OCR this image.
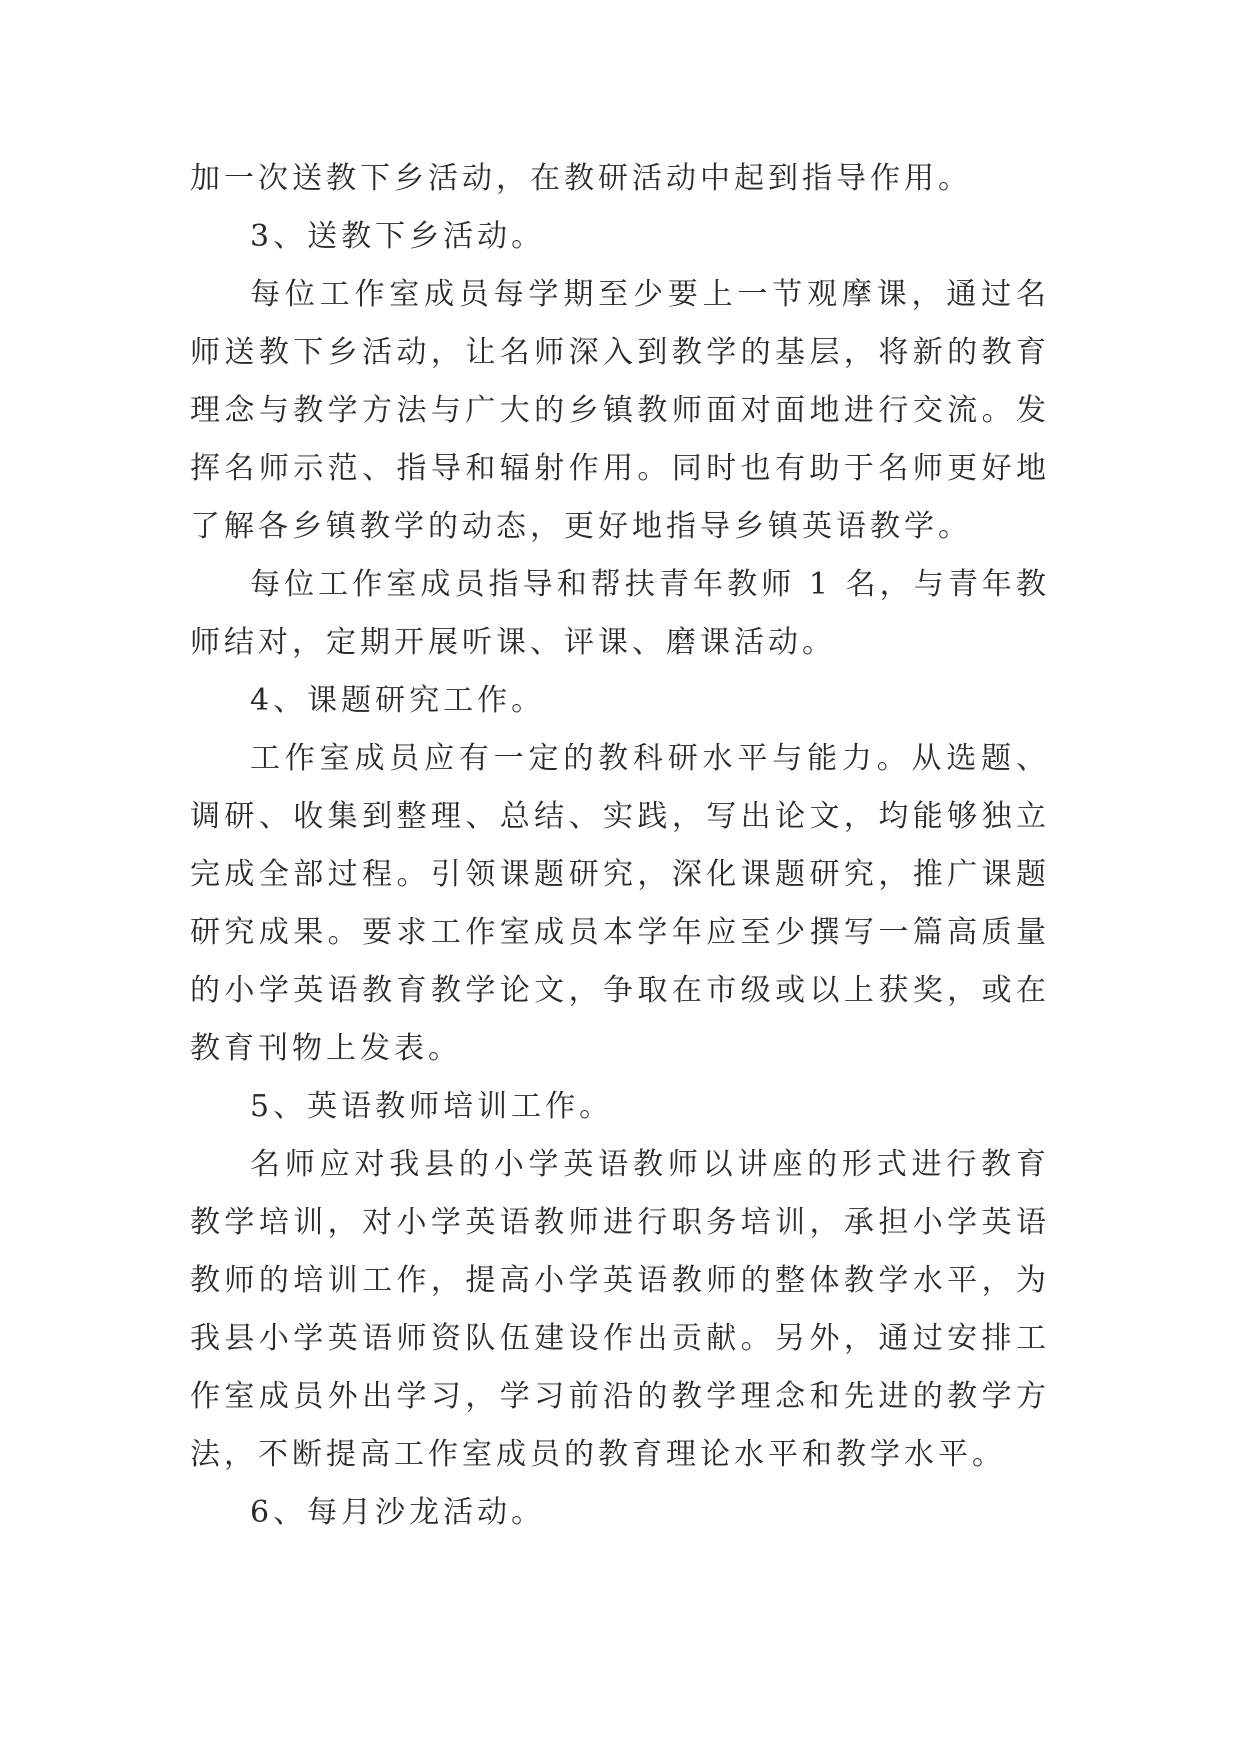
加一次送教下乡活动，在教研活动中起到指导作用。

3、送教下乡活动。

每位工作室成员每学期至少要上一节观摩课，通过名师送教下乡活动，让名师深入到教学的基层，将新的教育理念与教学方法与广大的乡镇教师面对面地进行交流。发挥名师示范、指导和辐射作用。同时也有助于名师更好地了解各乡镇教学的动态，更好地指导乡镇英语教学。

每位工作室成员指导和帮扶青年教师 1 名，与青年教师结对，定期开展听课、评课、磨课活动。

4、课题研究工作。

工作室成员应有一定的教科研水平与能力。从选题、调研、收集到整理、总结、实践，写出论文，均能够独立完成全部过程。引领课题研究，深化课题研究，推广课题研究成果。要求工作室成员本学年应至少撰写一篇高质量的小学英语教育教学论文，争取在市级或以上获奖，或在教育刊物上发表。

5、英语教师培训工作。

名师应对我县的小学英语教师以讲座的形式进行教育教学培训，对小学英语教师进行职务培训，承担小学英语教师的培训工作，提高小学英语教师的整体教学水平，为我县小学英语师资队伍建设作出贡献。另外，通过安排工作室成员外出学习，学习前沿的教学理念和先进的教学方法，不断提高工作室成员的教育理论水平和教学水平。

6、每月沙龙活动。
